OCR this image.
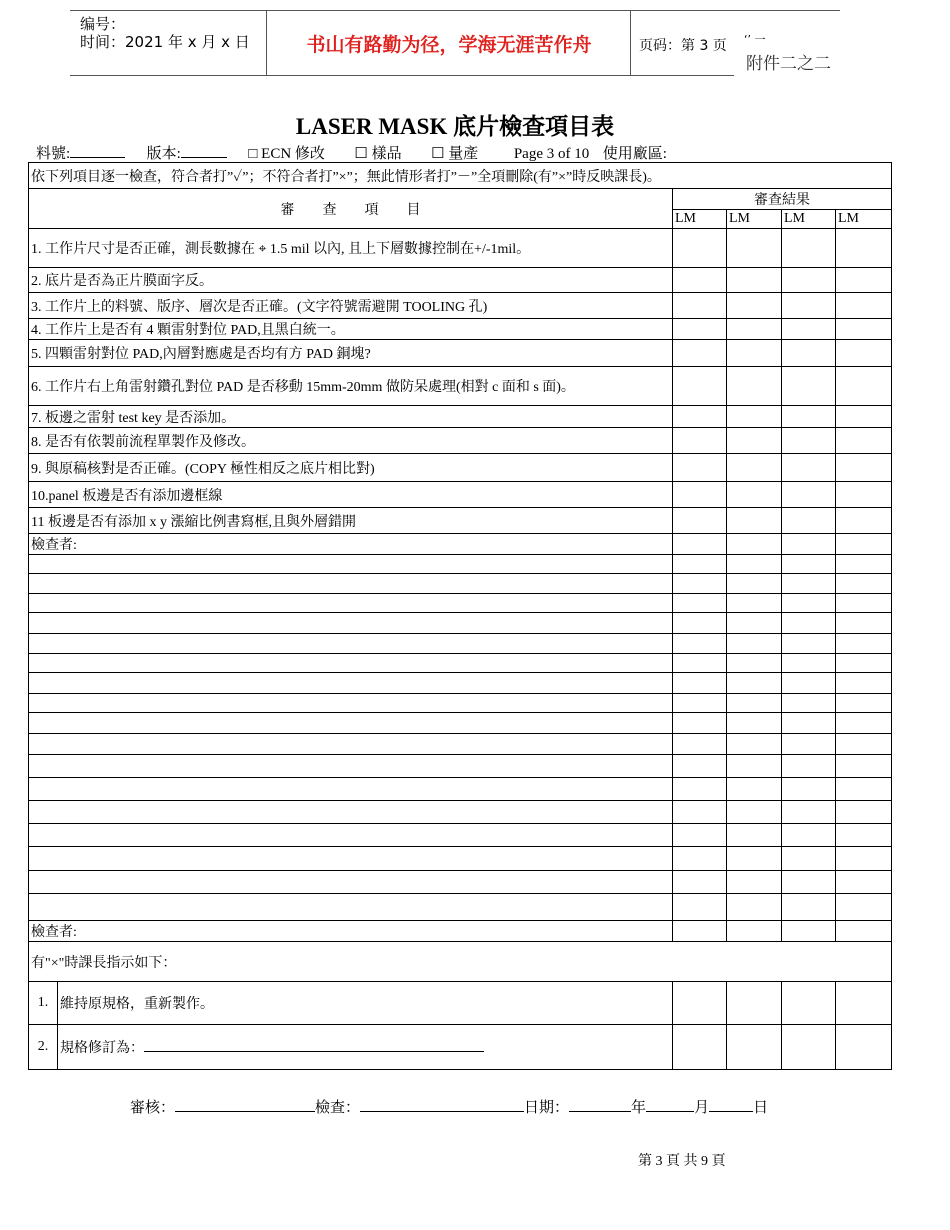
编号：
时间：2021 年 x 月 x 日	书山有路勤为径，学海无涯苦作舟	页码：第 3 页 ‘’ 一
附件二之二
LASER MASK 底片檢查項目表
料號:	版本:	□ ECN 修改 ☐ 樣品 ☐ 量產 Page 3 of 10 使用廠區:
依下列項目逐一檢查，符合者打”✓”；不符合者打”×”；無此情形者打”－”全項刪除(有”×”時反映課長)。					
審　　查　　項　　目		審查結果			
		LM	LM	LM	LM
1. 工作片尺寸是否正確，測長數據在 ⌖ 1.5 mil 以內, 且上下層數據控制在+/-1mil。					
2. 底片是否為正片膜面字反。					
3. 工作片上的料號、版序、層次是否正確。(文字符號需避開 TOOLING 孔)					
4. 工作片上是否有 4 顆雷射對位 PAD,且黑白統一。					
5. 四顆雷射對位 PAD,內層對應處是否均有方 PAD 銅塊?					
6. 工作片右上角雷射鑽孔對位 PAD 是否移動 15mm-20mm 做防呆處理(相對 c 面和 s 面)。					
7. 板邊之雷射 test key 是否添加。					
8. 是否有依製前流程單製作及修改。					
9. 與原稿核對是否正確。(COPY 極性相反之底片相比對)					
10.panel 板邊是否有添加邊框線					
11 板邊是否有添加 x y 漲縮比例書寫框,且與外層錯開					
檢查者:					

檢查者:					
有"×"時課長指示如下：					
1.	維持原規格，重新製作。				
2.	規格修訂為：				
審核：	檢查：	日期：	年	月	日
第 3 頁 共 9 頁
